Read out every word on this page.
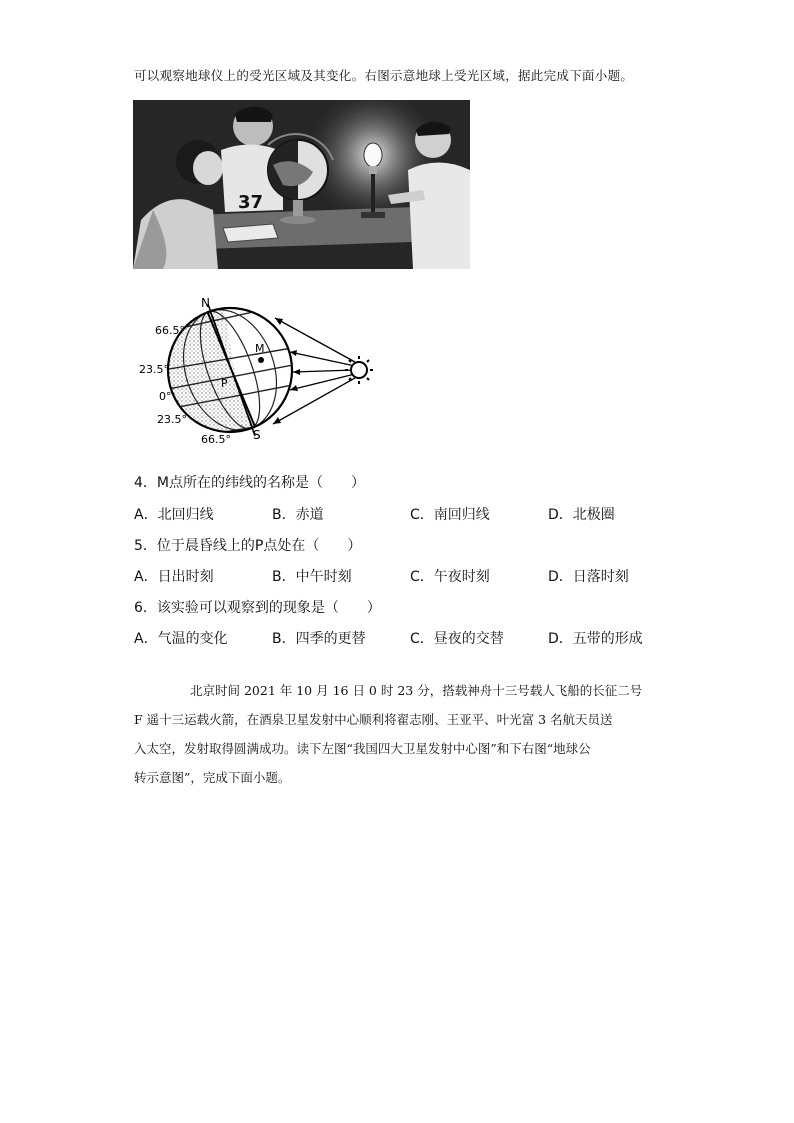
可以观察地球仪上的受光区域及其变化。右图示意地球上受光区域，据此完成下面小题。
37
N
S
M
P
66.5°
23.5°
0°
23.5°
66.5°
4．M点所在的纬线的名称是（　　）
A．北回归线	B．赤道	C．南回归线	D．北极圈
5．位于晨昏线上的P点处在（　　）
A．日出时刻	B．中午时刻	C．午夜时刻	D．日落时刻
6．该实验可以观察到的现象是（　　）
A．气温的变化	B．四季的更替	C．昼夜的交替	D．五带的形成

北京时间 2021 年 10 月 16 日 0 时 23 分，搭载神舟十三号载人飞船的长征二号

F 遥十三运载火箭，在酒泉卫星发射中心顺利将翟志刚、王亚平、叶光富 3 名航天员送

入太空，发射取得圆满成功。读下左图“我国四大卫星发射中心图”和下右图“地球公

转示意图”，完成下面小题。
